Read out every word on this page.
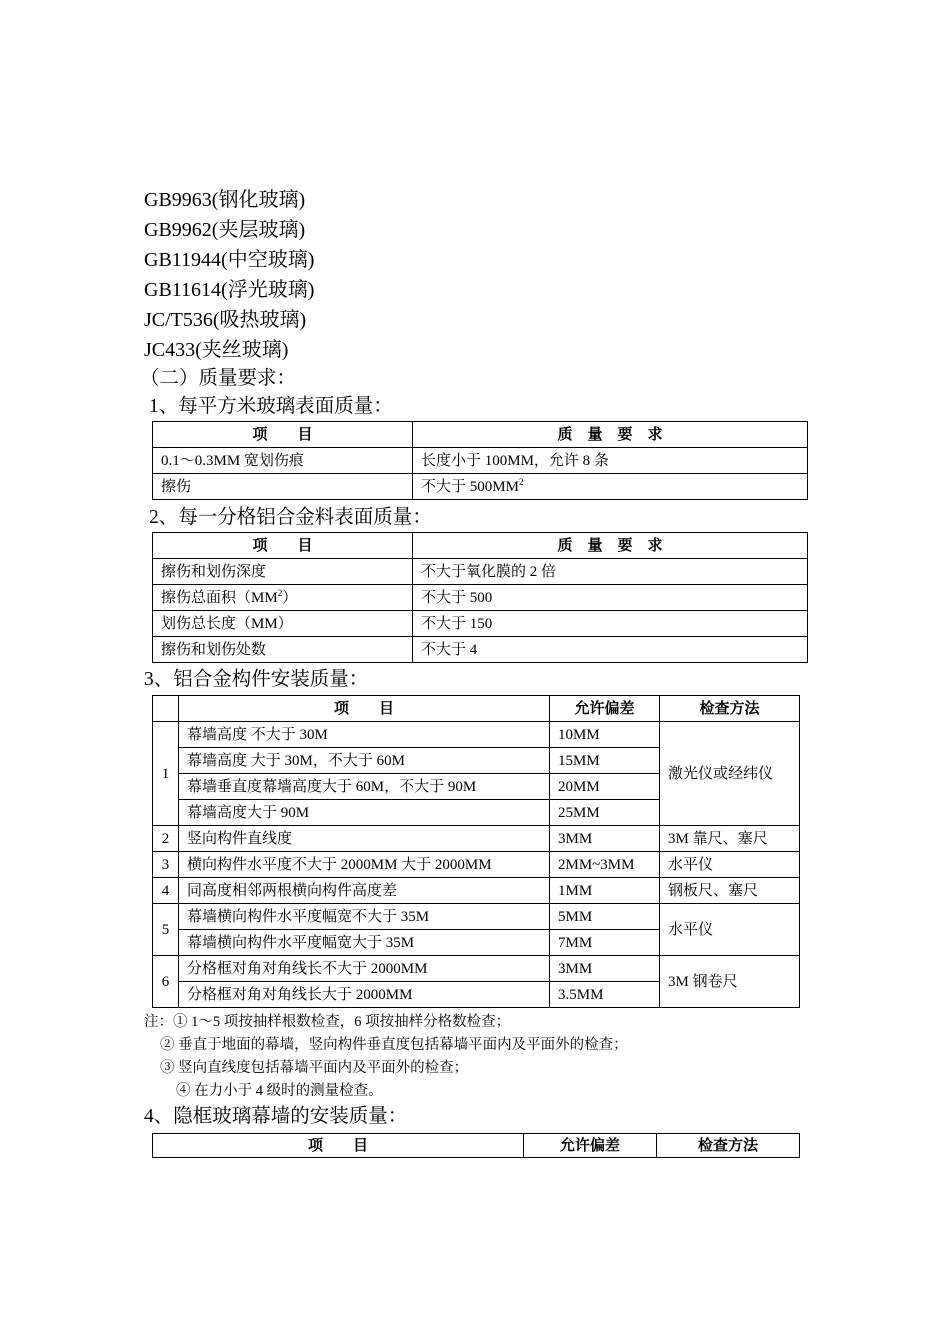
GB9963(钢化玻璃)
GB9962(夹层玻璃)
GB11944(中空玻璃)
GB11614(浮光玻璃)
JC/T536(吸热玻璃)
JC433(夹丝玻璃)
（二）质量要求：
1、每平方米玻璃表面质量：
项　　目	质　量　要　求
0.1～0.3MM 宽划伤痕	长度小于 100MM，允许 8 条
擦伤	不大于 $500MM^2$
2、每一分格铝合金料表面质量：
项　　目	质　量　要　求
擦伤和划伤深度	不大于氧化膜的 2 倍
擦伤总面积$(MM^2)$	不大于 500
划伤总长度（MM）	不大于 150
擦伤和划伤处数	不大于 4
3、铝合金构件安装质量：
	项　　目	允许偏差	检查方法
1	幕墙高度 不大于 30M	10MM	激光仪或经纬仪
	幕墙高度 大于 30M，不大于 60M	15MM	
	幕墙垂直度幕墙高度大于 60M，不大于 90M	20MM	
	幕墙高度大于 90M	25MM	
2	竖向构件直线度	3MM	3M 靠尺、塞尺
3	横向构件水平度不大于 2000MM 大于 2000MM	2MM~3MM	水平仪
4	同高度相邻两根横向构件高度差	1MM	钢板尺、塞尺
5	幕墙横向构件水平度幅宽不大于 35M	5MM	水平仪
	幕墙横向构件水平度幅宽大于 35M	7MM	
6	分格框对角对角线长不大于 2000MM	3MM	3M 钢卷尺
	分格框对角对角线长大于 2000MM	3.5MM	
注：① 1～5 项按抽样根数检查，6 项按抽样分格数检查；
② 垂直于地面的幕墙，竖向构件垂直度包括幕墙平面内及平面外的检查；
③ 竖向直线度包括幕墙平面内及平面外的检查；
④ 在力小于 4 级时的测量检查。
4、隐框玻璃幕墙的安装质量：
项　　目	允许偏差	检查方法
